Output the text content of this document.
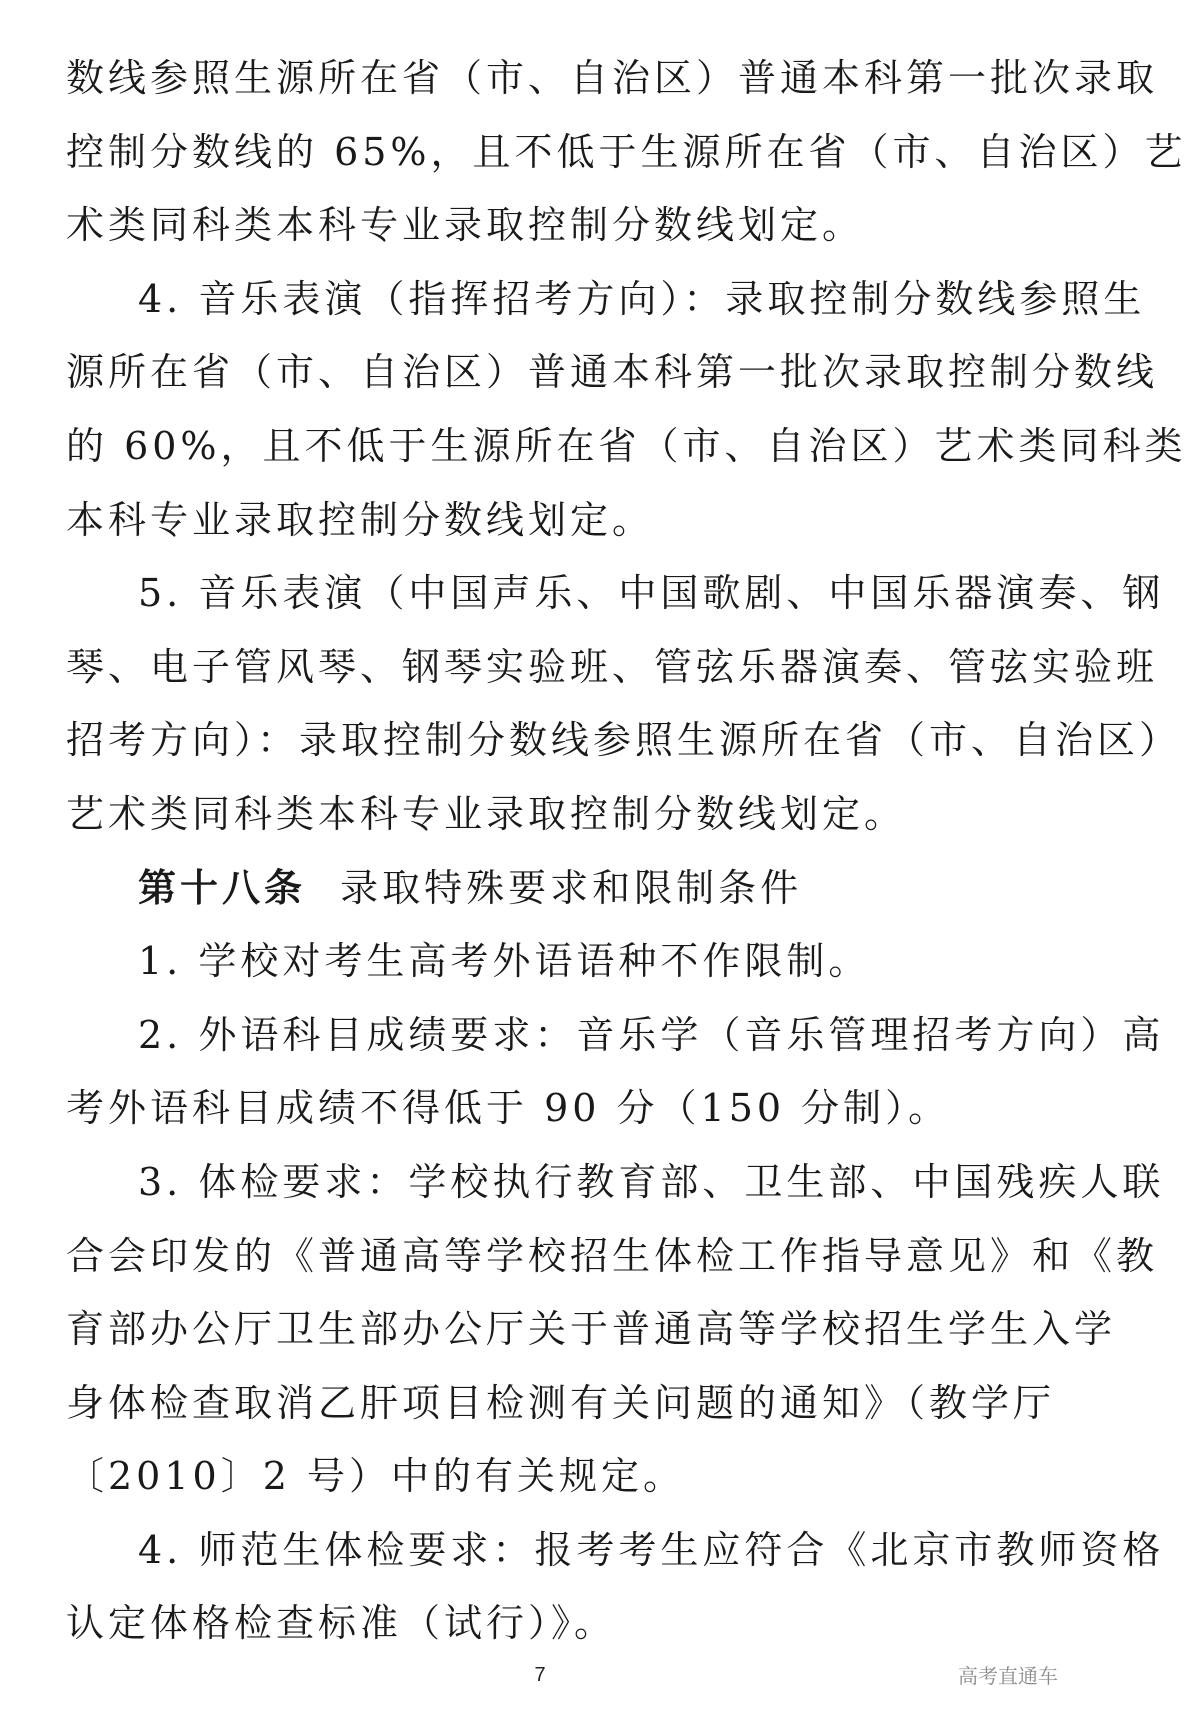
数线参照生源所在省（市、自治区）普通本科第一批次录取
控制分数线的 65%，且不低于生源所在省（市、自治区）艺
术类同科类本科专业录取控制分数线划定。
4. 音乐表演（指挥招考方向）：录取控制分数线参照生
源所在省（市、自治区）普通本科第一批次录取控制分数线
的 60%，且不低于生源所在省（市、自治区）艺术类同科类
本科专业录取控制分数线划定。
5. 音乐表演（中国声乐、中国歌剧、中国乐器演奏、钢
琴、电子管风琴、钢琴实验班、管弦乐器演奏、管弦实验班
招考方向）：录取控制分数线参照生源所在省（市、自治区）
艺术类同科类本科专业录取控制分数线划定。
第十八条 录取特殊要求和限制条件
1. 学校对考生高考外语语种不作限制。
2. 外语科目成绩要求：音乐学（音乐管理招考方向）高
考外语科目成绩不得低于 90 分（150 分制）。
3. 体检要求：学校执行教育部、卫生部、中国残疾人联
合会印发的《普通高等学校招生体检工作指导意见》和《教
育部办公厅卫生部办公厅关于普通高等学校招生学生入学
身体检查取消乙肝项目检测有关问题的通知》（教学厅
〔2010〕2 号）中的有关规定。
4. 师范生体检要求：报考考生应符合《北京市教师资格
认定体格检查标准（试行）》。
7	高考直通车
